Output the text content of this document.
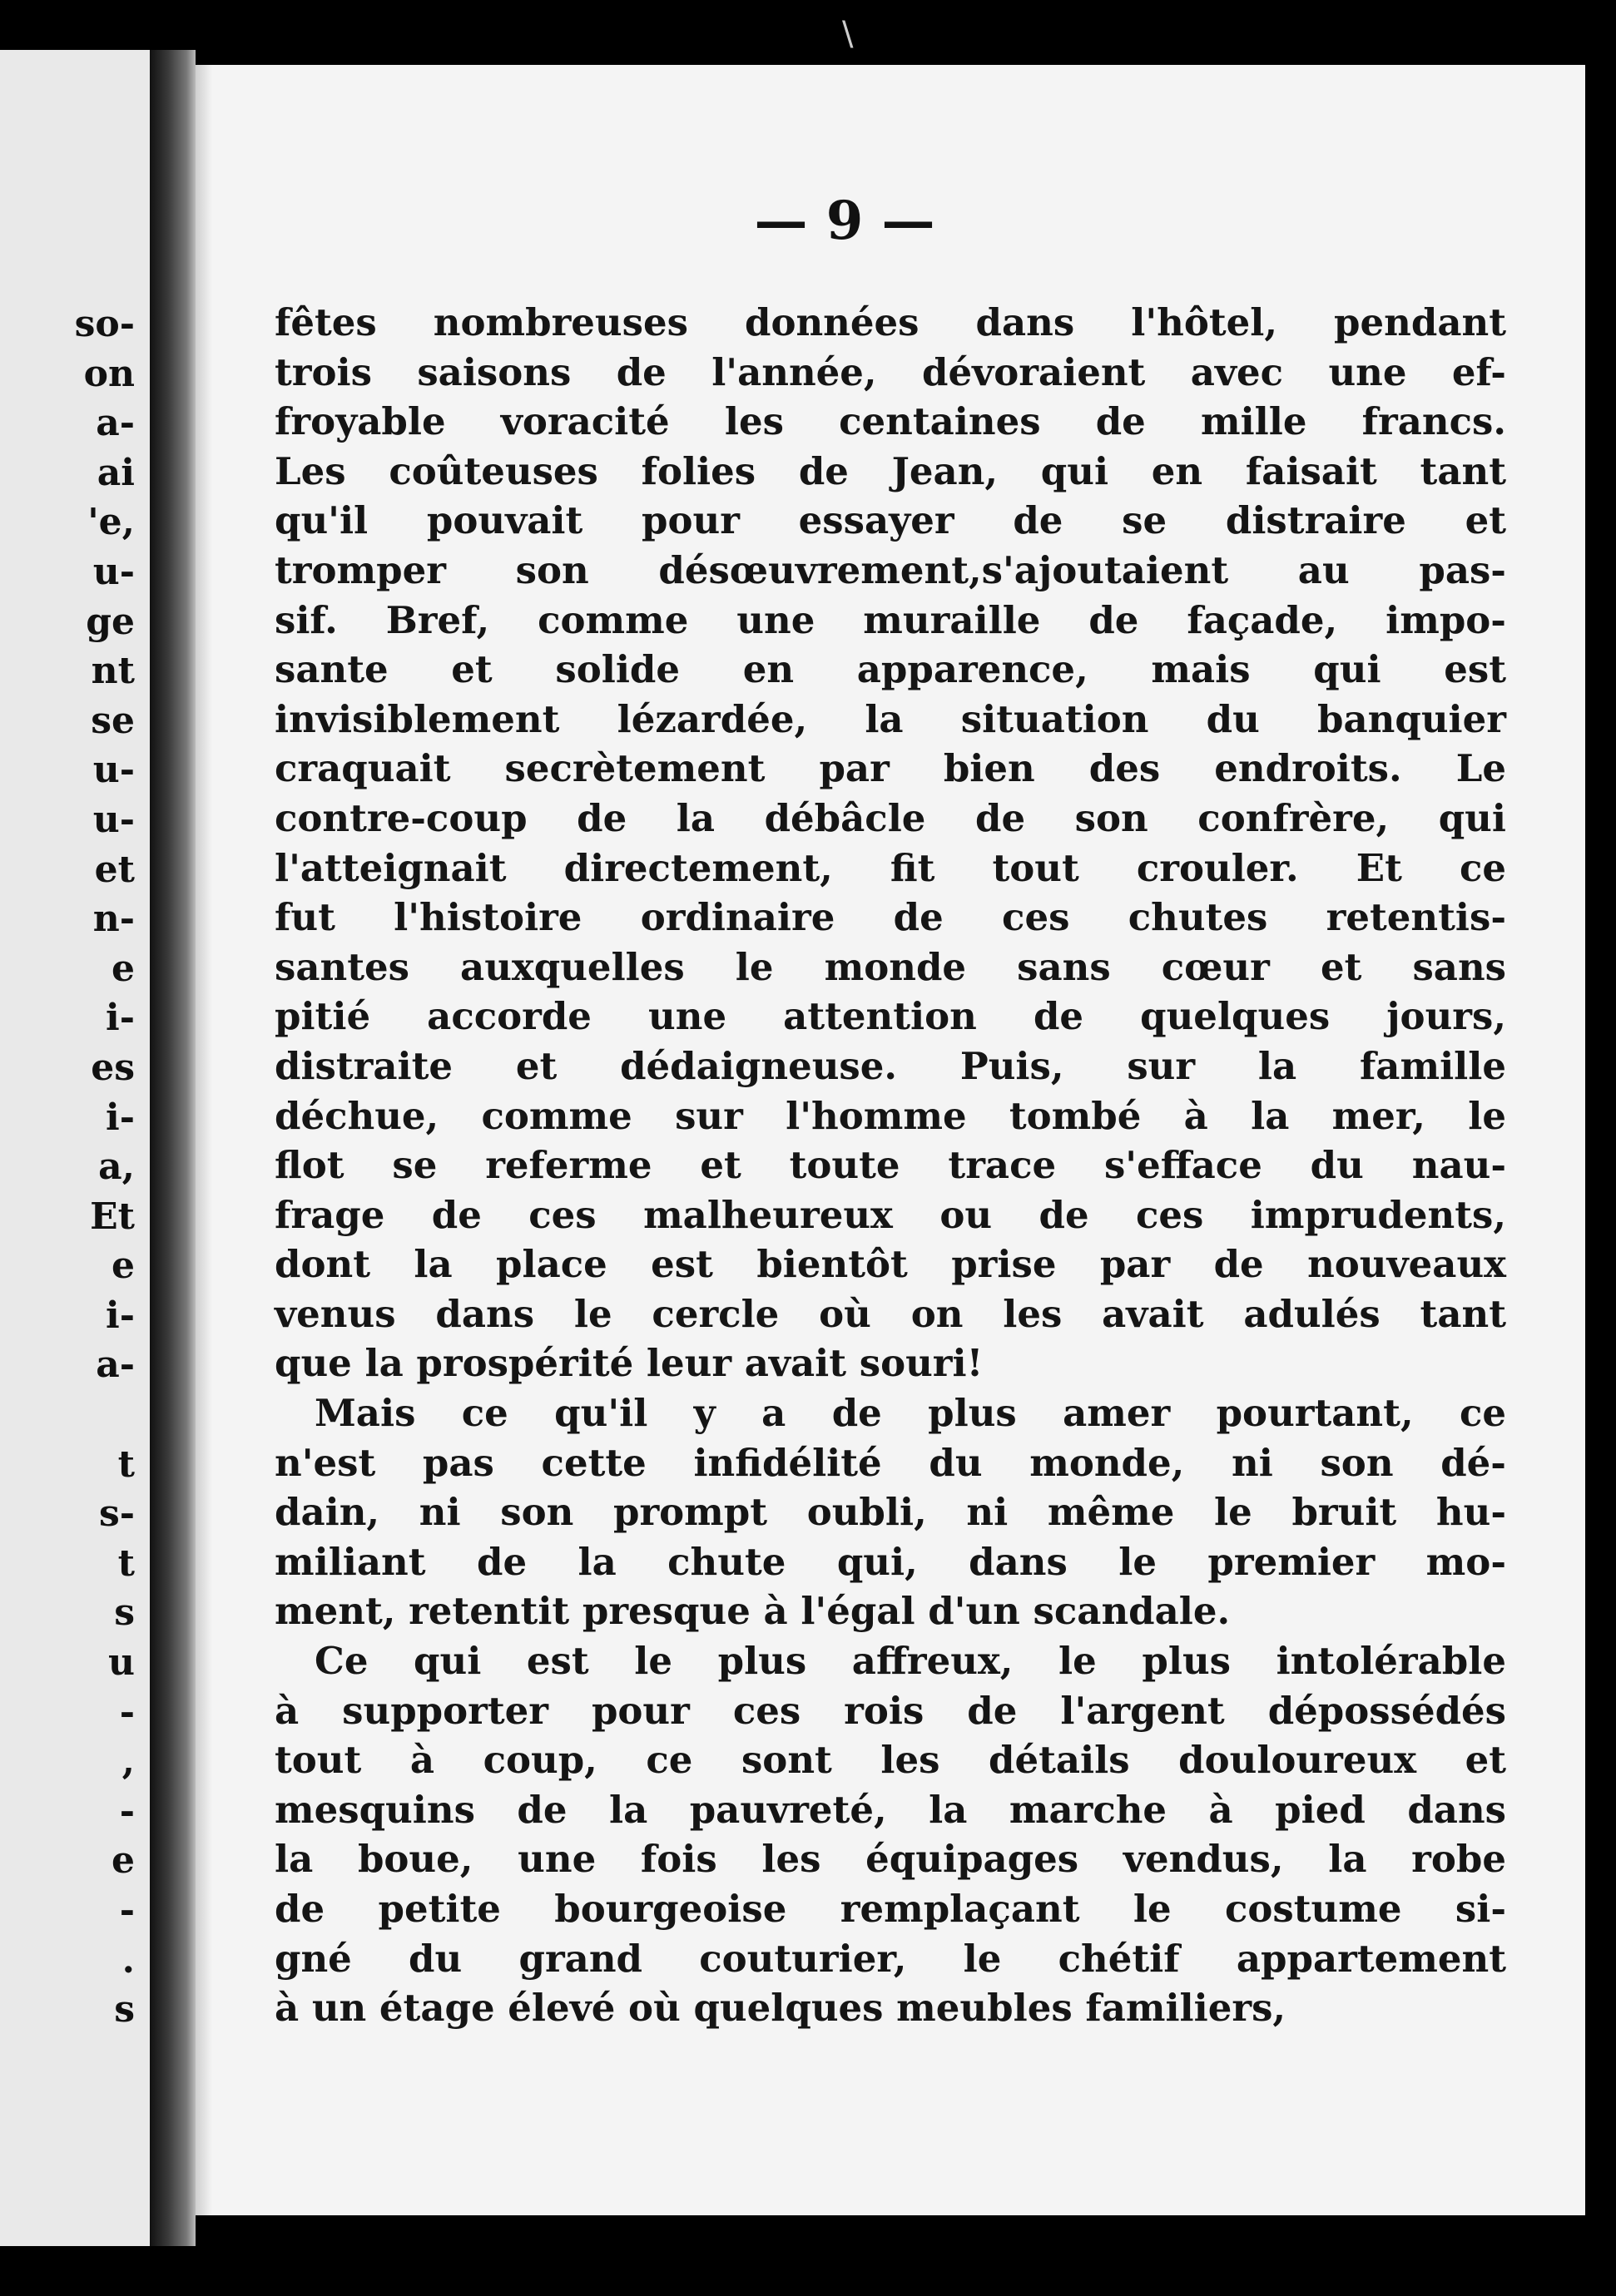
\
so-
on
a-
ai
'e,
u-
ge
nt
se
u-
u-
et
n-
e
i-
es
i-
a,
Et
e
i-
a-
t
s-
t
s
u
-
,
-
e
-
.
s
— 9 —
fêtes nombreuses données dans l'hôtel, pendant
trois saisons de l'année, dévoraient avec une ef-
froyable voracité les centaines de mille francs.
Les coûteuses folies de Jean, qui en faisait tant
qu'il pouvait pour essayer de se distraire et
tromper son désœuvrement,s'ajoutaient au pas-
sif. Bref, comme une muraille de façade, impo-
sante et solide en apparence, mais qui est
invisiblement lézardée, la situation du banquier
craquait secrètement par bien des endroits. Le
contre-coup de la débâcle de son confrère, qui
l'atteignait directement, fit tout crouler. Et ce
fut l'histoire ordinaire de ces chutes retentis-
santes auxquelles le monde sans cœur et sans
pitié accorde une attention de quelques jours,
distraite et dédaigneuse. Puis, sur la famille
déchue, comme sur l'homme tombé à la mer, le
flot se referme et toute trace s'efface du nau-
frage de ces malheureux ou de ces imprudents,
dont la place est bientôt prise par de nouveaux
venus dans le cercle où on les avait adulés tant
que la prospérité leur avait souri!
Mais ce qu'il y a de plus amer pourtant, ce
n'est pas cette infidélité du monde, ni son dé-
dain, ni son prompt oubli, ni même le bruit hu-
miliant de la chute qui, dans le premier mo-
ment, retentit presque à l'égal d'un scandale.
Ce qui est le plus affreux, le plus intolérable
à supporter pour ces rois de l'argent dépossédés
tout à coup, ce sont les détails douloureux et
mesquins de la pauvreté, la marche à pied dans
la boue, une fois les équipages vendus, la robe
de petite bourgeoise remplaçant le costume si-
gné du grand couturier, le chétif appartement
à un étage élevé où quelques meubles familiers,
